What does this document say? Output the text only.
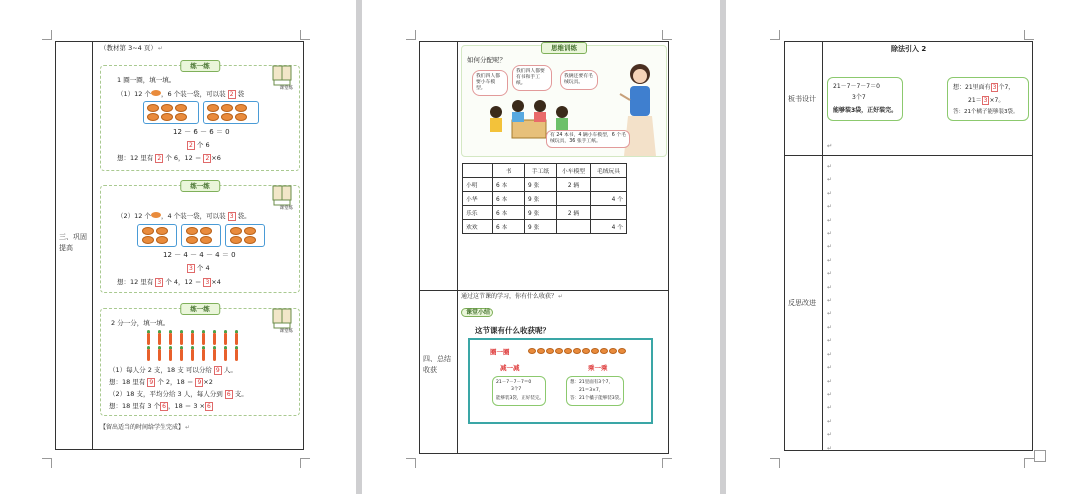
三、巩固提高
（教材第 3~4 页）↵
练一练
课堂练
1 圈一圈，填一填。
（1）12 个 ，6 个装一袋，可以装 2 袋
12 － 6 － 6 ＝ 0
2 个 6
想：12 里有 2 个 6，12 ＝ 2 ×6
练一练
课堂练
（2）12 个 ，4 个装一袋，可以装 3 袋。
12 － 4 － 4 － 4 ＝ 0
3 个 4
想：12 里有 3 个 4，12 ＝ 3 ×4
练一练
课堂练
2 分一分，填一填。
（1）每人分 2 支，18 支 可以分给 9 人。
想：18 里有 9 个 2，18 ＝ 9 ×2
（2）18 支，平均分给 3 人，每人分到 6 支。
想：18 里有 3 个 6 ，18 ＝ 3 × 6
【留出适当的时间给学生完成】↵
思维训练
如何分配呢？
我们四人都要小车模型。
我们四人都要有书和手工纸。
我俩还要有毛绒玩具。
有 24 本书，4 辆小车模型，6 个毛绒玩具，36 张手工纸。
	书	手工纸	小车模型	毛绒玩具
小明	6 本	9 张	2 辆	
小华	6 本	9 张		4 个
乐乐	6 本	9 张	2 辆	
欢欢	6 本	9 张		4 个
四、总结收获
通过这节课的学习，你有什么收获？↵
课堂小结
这节课有什么收获呢？
圈一圈
减一减	乘一乘
21－7－7－7＝0
3个7
能够装3袋，正好装完。
想：21里面有3个7，
21＝3×7，
答：21个橘子能够装3袋。
除法引入 2
板书设计
21－7－7－7＝0
3个7
能够装3袋，正好装完。
想：21里面有 3 个7，
21＝ 3 ×7。
答：21个橘子能够装3袋。
↵
反思改进
↵
↵
↵
↵
↵
↵
↵
↵
↵
↵
↵
↵
↵
↵
↵
↵
↵
↵
↵
↵
↵
↵
